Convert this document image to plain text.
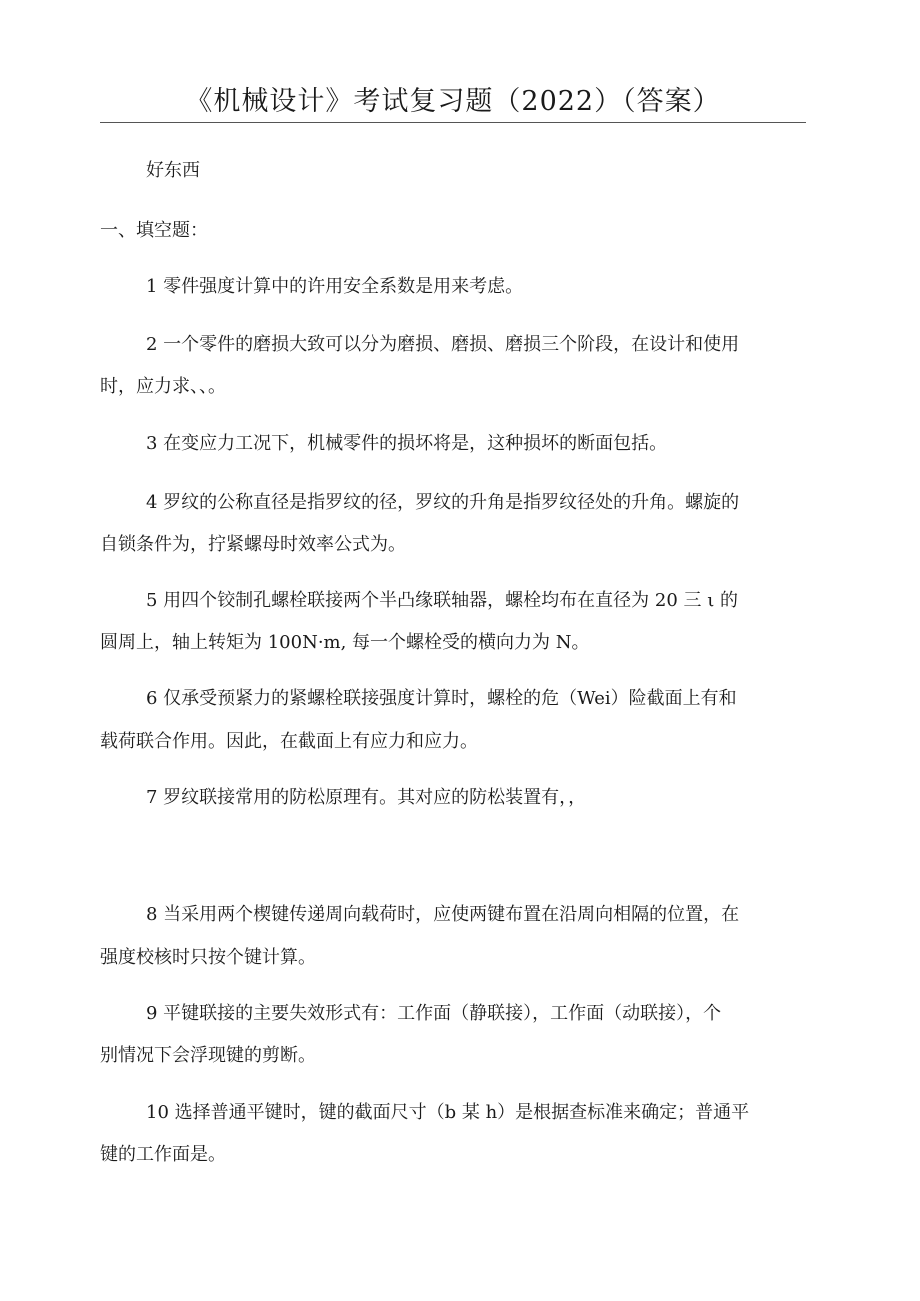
《机械设计》考试复习题（2022）（答案）
好东西
一、填空题：
1 零件强度计算中的许用安全系数是用来考虑。
2 一个零件的磨损大致可以分为磨损、磨损、磨损三个阶段，在设计和使用
时，应力求、、。
3 在变应力工况下，机械零件的损坏将是，这种损坏的断面包括。
4 罗纹的公称直径是指罗纹的径，罗纹的升角是指罗纹径处的升角。螺旋的
自锁条件为，拧紧螺母时效率公式为。
5 用四个铰制孔螺栓联接两个半凸缘联轴器，螺栓均布在直径为 20 三 ι 的
圆周上，轴上转矩为 100N·m, 每一个螺栓受的横向力为 N。
6 仅承受预紧力的紧螺栓联接强度计算时，螺栓的危（Wei）险截面上有和
载荷联合作用。因此，在截面上有应力和应力。
7 罗纹联接常用的防松原理有。其对应的防松装置有，，
8 当采用两个楔键传递周向载荷时，应使两键布置在沿周向相隔的位置，在
强度校核时只按个键计算。
9 平键联接的主要失效形式有：工作面（静联接），工作面（动联接），个
别情况下会浮现键的剪断。
10 选择普通平键时，键的截面尺寸（b 某 h）是根据查标准来确定；普通平
键的工作面是。
